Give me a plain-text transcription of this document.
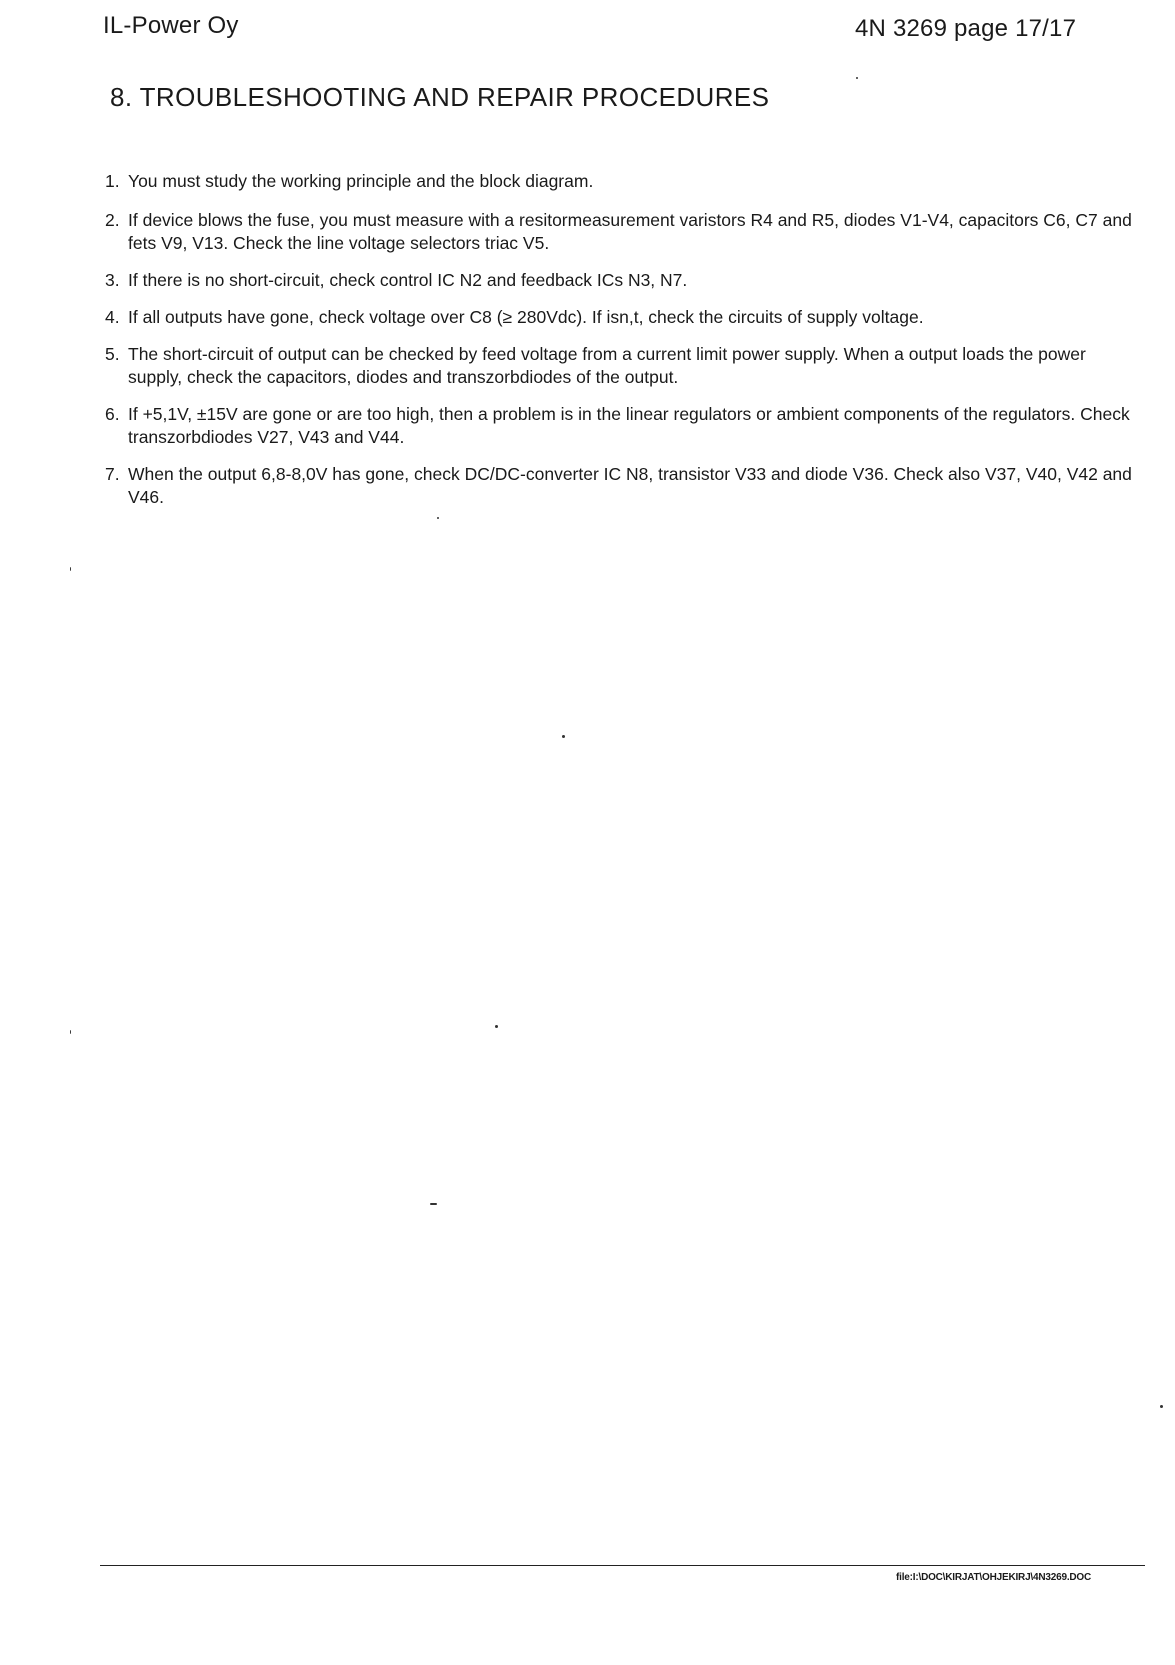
IL-Power Oy	4N 3269 page 17/17
8. TROUBLESHOOTING AND REPAIR PROCEDURES
1. You must study the working principle and the block diagram.
2. If device blows the fuse, you must measure with a resitormeasurement varistors R4 and R5, diodes V1-V4, capacitors C6, C7 and fets V9, V13. Check the line voltage selectors triac V5.
3. If there is no short-circuit, check control IC N2 and feedback ICs N3, N7.
4. If all outputs have gone, check voltage over C8 (≥ 280Vdc). If isn,t, check the circuits of supply voltage.
5. The short-circuit of output can be checked by feed voltage from a current limit power supply. When a output loads the power supply, check the capacitors, diodes and transzorbdiodes of the output.
6. If +5,1V, ±15V are gone or are too high, then a problem is in the linear regulators or ambient components of the regulators. Check transzorbdiodes V27, V43 and V44.
7. When the output 6,8-8,0V has gone, check DC/DC-converter IC N8, transistor V33 and diode V36. Check also V37, V40, V42 and V46.
file:I:\DOC\KIRJAT\OHJEKIRJ\4N3269.DOC
